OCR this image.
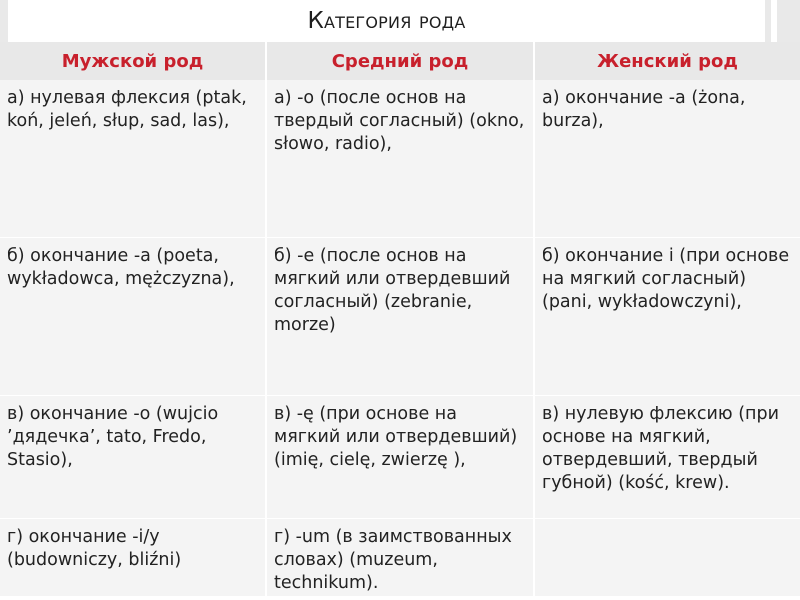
Категория рода
Мужской род	Средний род	Женский род
а) нулевая флексия (ptak, koń, jeleń, słup, sad, las),	а) -o (после основ на твердый согласный) (okno, słowo, radio),	а) окончание -a (żona, burza),
б) окончание -a (poeta, wykładowca, mężczyzna),	б) -e (после основ на мягкий или отвердевший согласный) (zebranie, morze)	б) окончание i (при основе на мягкий согласный) (pani, wykładowczyni),
в) окончание -o (wujcio ’дядечка’, tato, Fredo, Stasio),	в) -ę (при основе на мягкий или отвердевший) (imię, cielę, zwierzę ),	в) нулевую флексию (при основе на мягкий, отвердевший, твердый губной) (kość, krew).
г) окончание -i/y (budowniczy, bliźni)	г) -um (в заимствованных словах) (muzeum, technikum).	
